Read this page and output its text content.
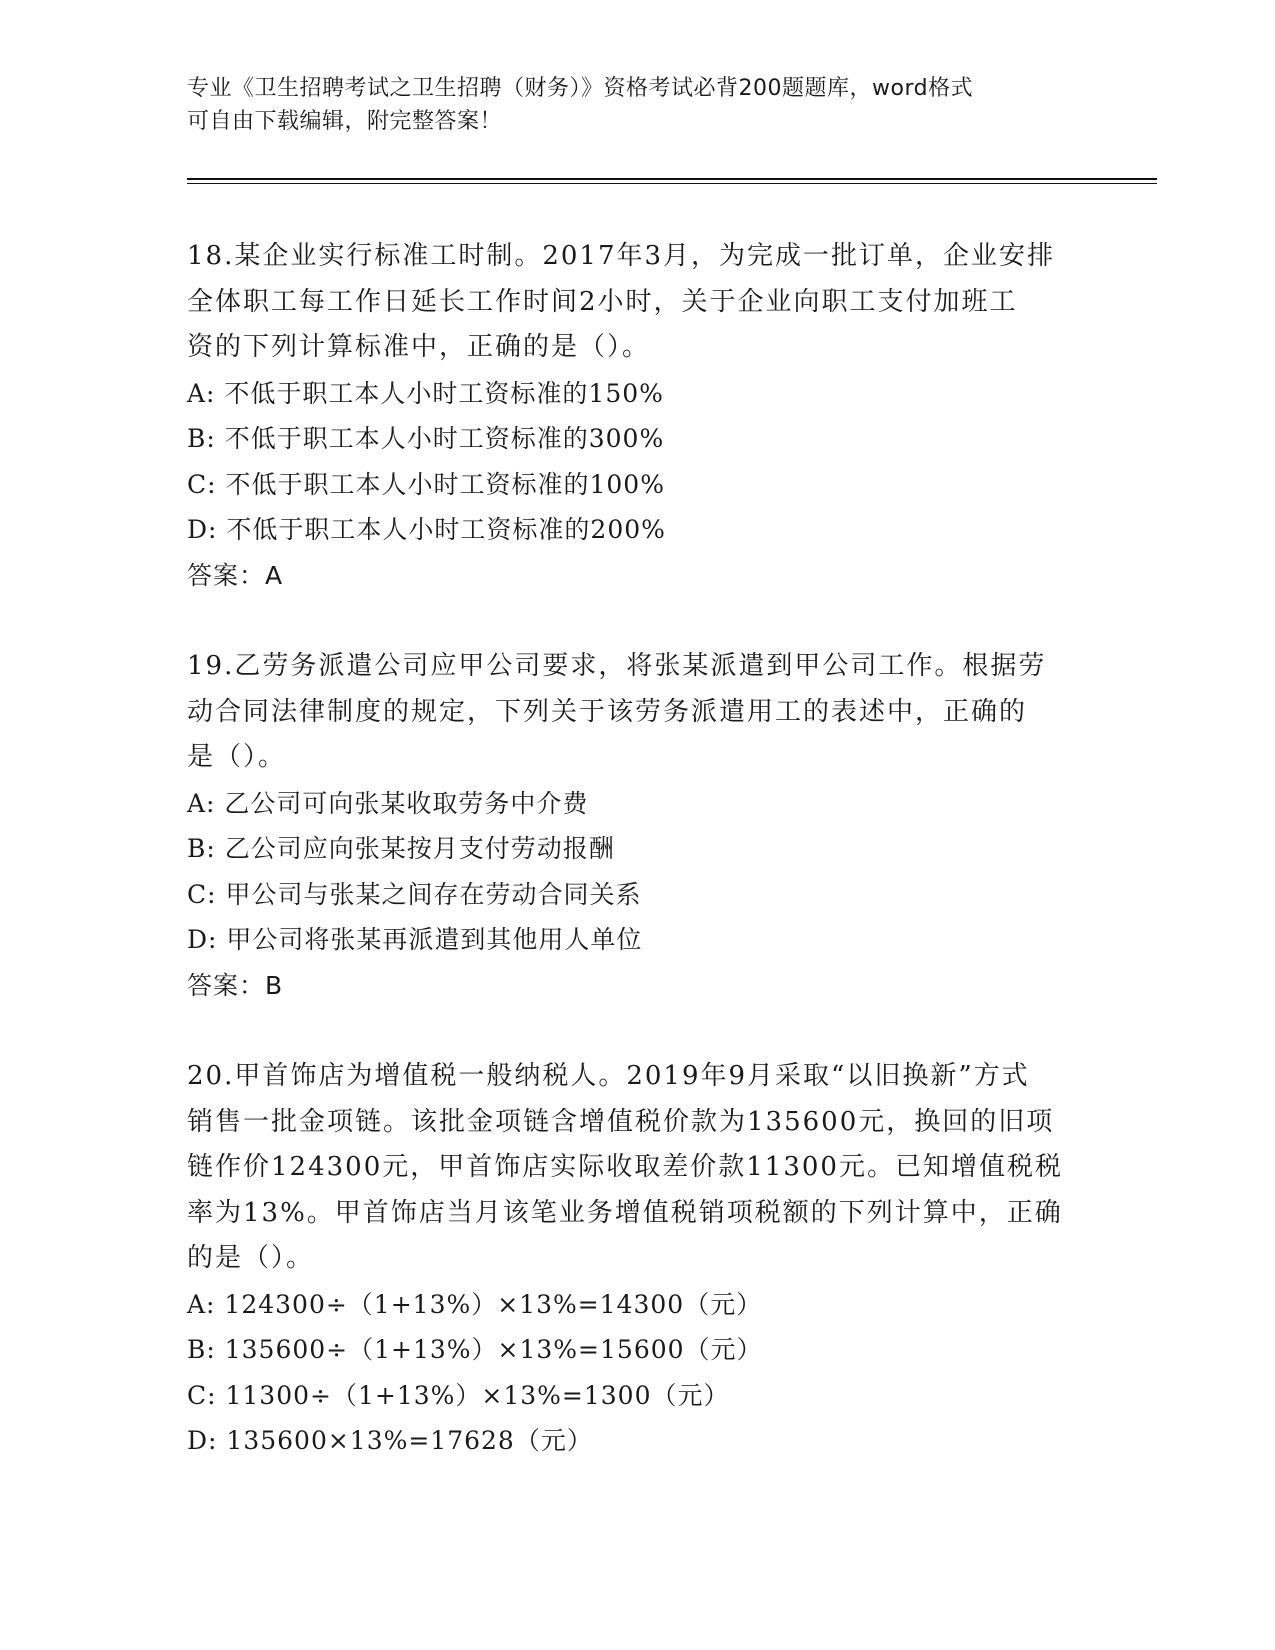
专业《卫生招聘考试之卫生招聘（财务）》资格考试必背200题题库，word格式
可自由下载编辑，附完整答案！

18.某企业实行标准工时制。2017年3月，为完成一批订单，企业安排

全体职工每工作日延长工作时间2小时，关于企业向职工支付加班工

资的下列计算标准中，正确的是（）。

A: 不低于职工本人小时工资标准的150%

B: 不低于职工本人小时工资标准的300%

C: 不低于职工本人小时工资标准的100%

D: 不低于职工本人小时工资标准的200%

答案：A

19.乙劳务派遣公司应甲公司要求，将张某派遣到甲公司工作。根据劳

动合同法律制度的规定，下列关于该劳务派遣用工的表述中，正确的

是（）。

A: 乙公司可向张某收取劳务中介费

B: 乙公司应向张某按月支付劳动报酬

C: 甲公司与张某之间存在劳动合同关系

D: 甲公司将张某再派遣到其他用人单位

答案：B

20.甲首饰店为增值税一般纳税人。2019年9月采取“以旧换新”方式

销售一批金项链。该批金项链含增值税价款为135600元，换回的旧项

链作价124300元，甲首饰店实际收取差价款11300元。已知增值税税

率为13%。甲首饰店当月该笔业务增值税销项税额的下列计算中，正确

的是（）。

A: 124300÷（1+13%）×13%=14300（元）

B: 135600÷（1+13%）×13%=15600（元）

C: 11300÷（1+13%）×13%=1300（元）

D: 135600×13%=17628（元）
